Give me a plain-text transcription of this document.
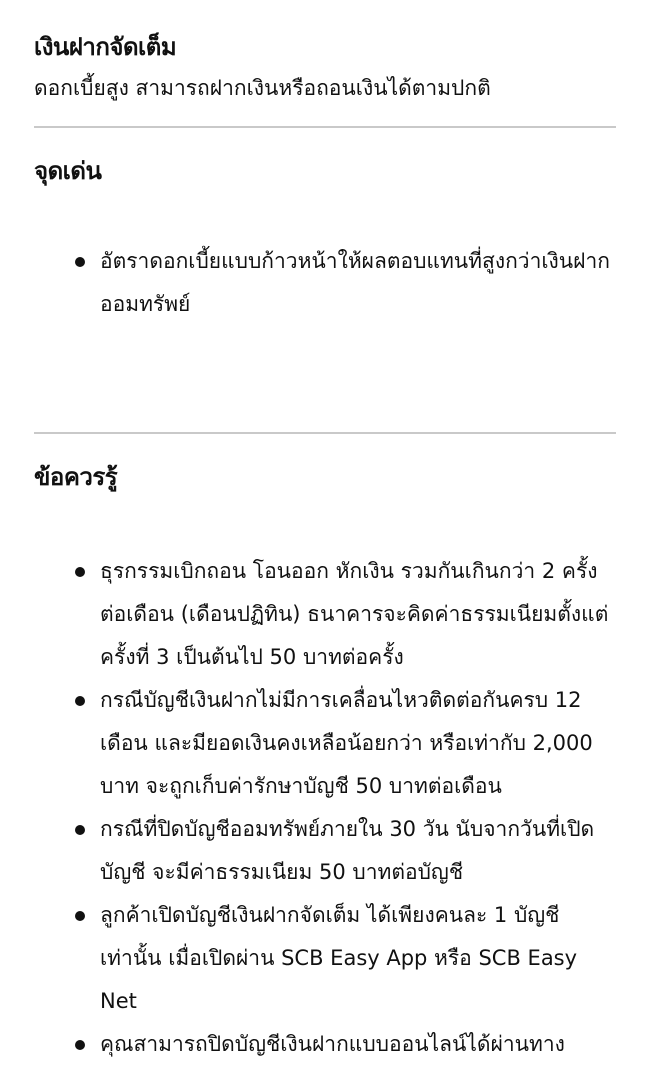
เงินฝากจัดเต็ม

ดอกเบี้ยสูง สามารถฝากเงินหรือถอนเงินได้ตามปกติ

จุดเด่น
อัตราดอกเบี้ยแบบก้าวหน้าให้ผลตอบแทนที่สูงกว่าเงินฝากออมทรัพย์
ข้อควรรู้
ธุรกรรมเบิกถอน โอนออก หักเงิน รวมกันเกินกว่า 2 ครั้งต่อเดือน (เดือนปฏิทิน) ธนาคารจะคิดค่าธรรมเนียมตั้งแต่ครั้งที่ 3 เป็นต้นไป 50 บาทต่อครั้ง
กรณีบัญชีเงินฝากไม่มีการเคลื่อนไหวติดต่อกันครบ 12 เดือน และมียอดเงินคงเหลือน้อยกว่า หรือเท่ากับ 2,000 บาท จะถูกเก็บค่ารักษาบัญชี 50 บาทต่อเดือน
กรณีที่ปิดบัญชีออมทรัพย์ภายใน 30 วัน นับจากวันที่เปิดบัญชี จะมีค่าธรรมเนียม 50 บาทต่อบัญชี
ลูกค้าเปิดบัญชีเงินฝากจัดเต็ม ได้เพียงคนละ 1 บัญชีเท่านั้น เมื่อเปิดผ่าน SCB Easy App หรือ SCB Easy Net
คุณสามารถปิดบัญชีเงินฝากแบบออนไลน์ได้ผ่านทาง
